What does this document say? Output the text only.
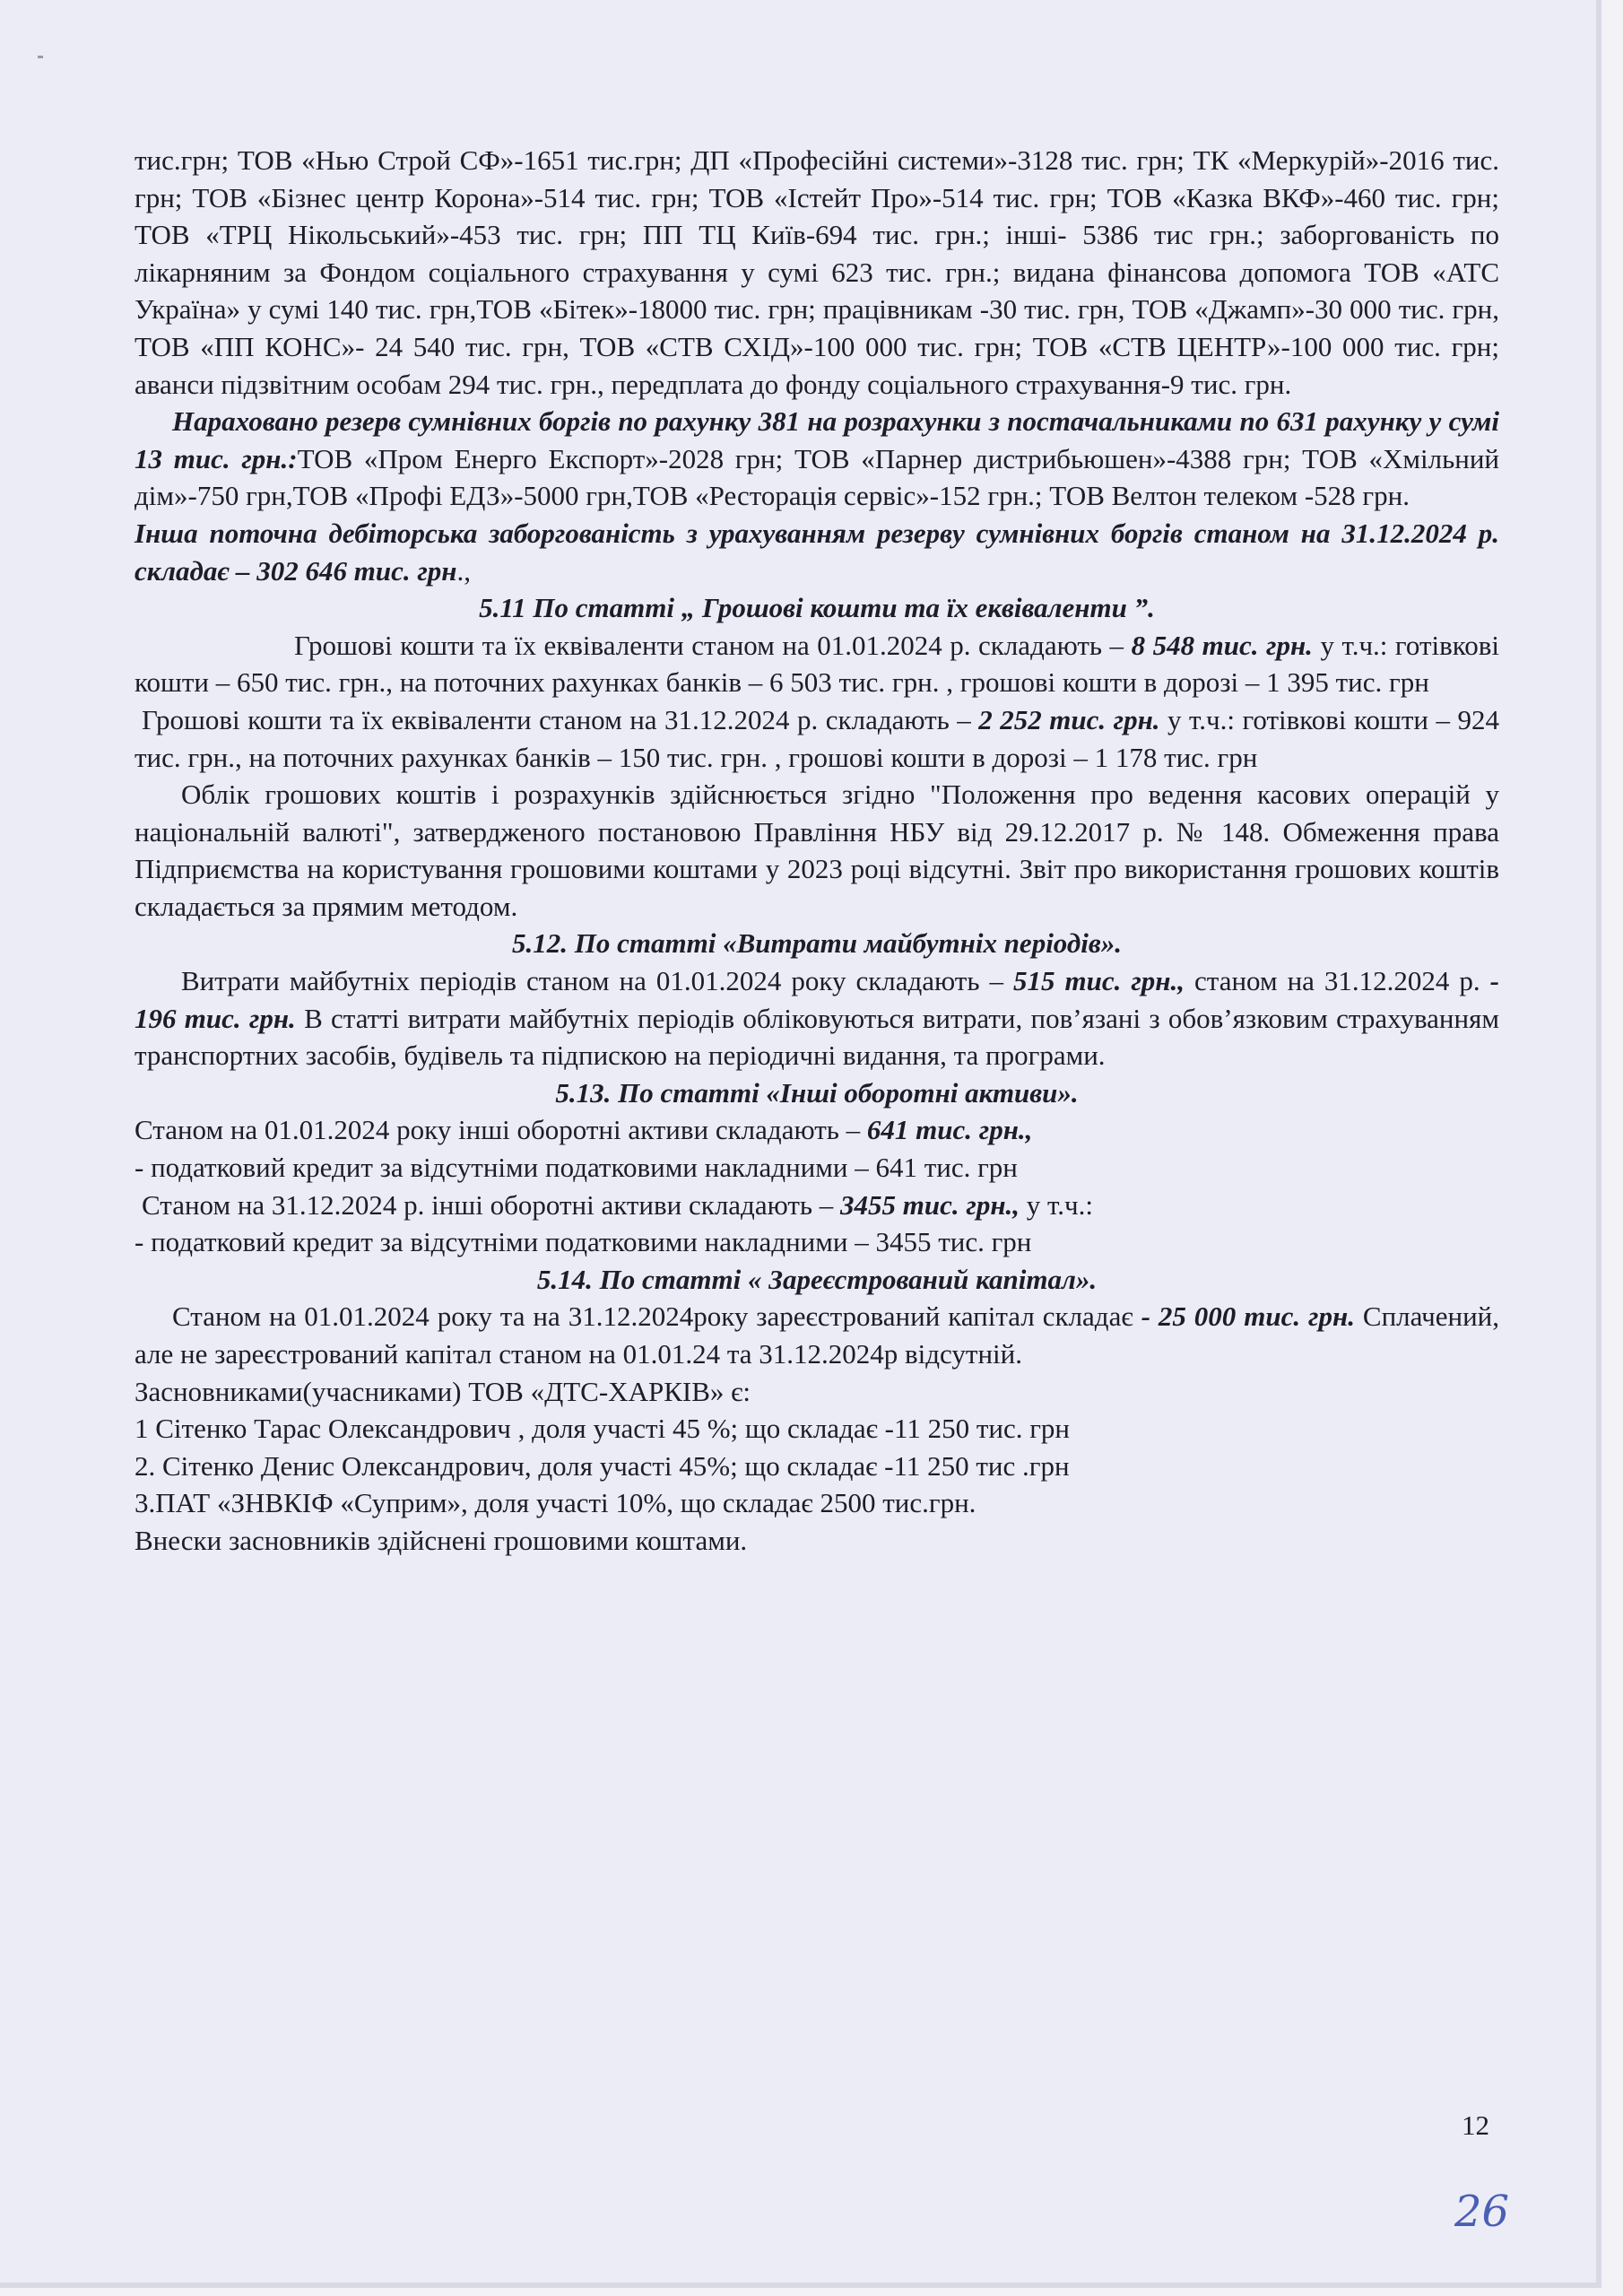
тис.грн; ТОВ «Нью Строй СФ»-1651 тис.грн; ДП «Професійні системи»-3128 тис. грн; ТК «Меркурій»-2016 тис. грн; ТОВ «Бізнес центр Корона»-514 тис. грн; ТОВ «Істейт Про»-514 тис. грн; ТОВ «Казка ВКФ»-460 тис. грн; ТОВ «ТРЦ Нікольський»-453 тис. грн; ПП ТЦ Київ-694 тис. грн.; інші- 5386 тис грн.; заборгованість по лікарняним за Фондом соціального страхування у сумі 623 тис. грн.; видана фінансова допомога ТОВ «АТС Україна» у сумі 140 тис. грн,ТОВ «Бітек»-18000 тис. грн; працівникам -30 тис. грн, ТОВ «Джамп»-30 000 тис. грн, ТОВ «ПП КОНС»- 24 540 тис. грн, ТОВ «СТВ СХІД»-100 000 тис. грн; ТОВ «СТВ ЦЕНТР»-100 000 тис. грн; аванси підзвітним особам 294 тис. грн., передплата до фонду соціального страхування-9 тис. грн.

Нараховано резерв сумнівних боргів по рахунку 381 на розрахунки з постачальниками по 631 рахунку у сумі 13 тис. грн.:ТОВ «Пром Енерго Експорт»-2028 грн; ТОВ «Парнер дистрибьюшен»-4388 грн; ТОВ «Хмільний дім»-750 грн,ТОВ «Профі ЕДЗ»-5000 грн,ТОВ «Ресторація сервіс»-152 грн.; ТОВ Велтон телеком -528 грн.

Інша поточна дебіторська заборгованість з урахуванням резерву сумнівних боргів станом на 31.12.2024 р. складає – 302 646 тис. грн.,

5.11 По статті „ Грошові кошти та їх еквіваленти ”.

Грошові кошти та їх еквіваленти станом на 01.01.2024 р. складають – 8 548 тис. грн. у т.ч.: готівкові кошти – 650 тис. грн., на поточних рахунках банків – 6 503 тис. грн. , грошові кошти в дорозі – 1 395 тис. грн

Грошові кошти та їх еквіваленти станом на 31.12.2024 р. складають – 2 252 тис. грн. у т.ч.: готівкові кошти – 924 тис. грн., на поточних рахунках банків – 150 тис. грн. , грошові кошти в дорозі – 1 178 тис. грн

Облік грошових коштів і розрахунків здійснюється згідно "Положення про ведення касових операцій у національній валюті", затвердженого постановою Правління НБУ від 29.12.2017 р. № 148. Обмеження права Підприємства на користування грошовими коштами у 2023 році відсутні. Звіт про використання грошових коштів складається за прямим методом.

5.12. По статті «Витрати майбутніх періодів».

Витрати майбутніх періодів станом на 01.01.2024 року складають – 515 тис. грн., станом на 31.12.2024 р. - 196 тис. грн. В статті витрати майбутніх періодів обліковуються витрати, пов’язані з обов’язковим страхуванням транспортних засобів, будівель та підпискою на періодичні видання, та програми.

5.13. По статті «Інші оборотні активи».

Станом на 01.01.2024 року інші оборотні активи складають – 641 тис. грн.,

- податковий кредит за відсутніми податковими накладними – 641 тис. грн

Станом на 31.12.2024 р. інші оборотні активи складають – 3455 тис. грн., у т.ч.:

- податковий кредит за відсутніми податковими накладними – 3455 тис. грн

5.14. По статті « Зареєстрований капітал».

Станом на 01.01.2024 року та на 31.12.2024року зареєстрований капітал складає - 25 000 тис. грн. Сплачений, але не зареєстрований капітал станом на 01.01.24 та 31.12.2024р відсутній.

Засновниками(учасниками) ТОВ «ДТС-ХАРКІВ» є:

1 Сітенко Тарас Олександрович , доля участі 45 %; що складає -11 250 тис. грн

2. Сітенко Денис Олександрович, доля участі 45%; що складає -11 250 тис .грн

3.ПАТ «ЗНВКІФ «Суприм», доля участі 10%, що складає 2500 тис.грн.

Внески засновників здійснені грошовими коштами.

12
26
